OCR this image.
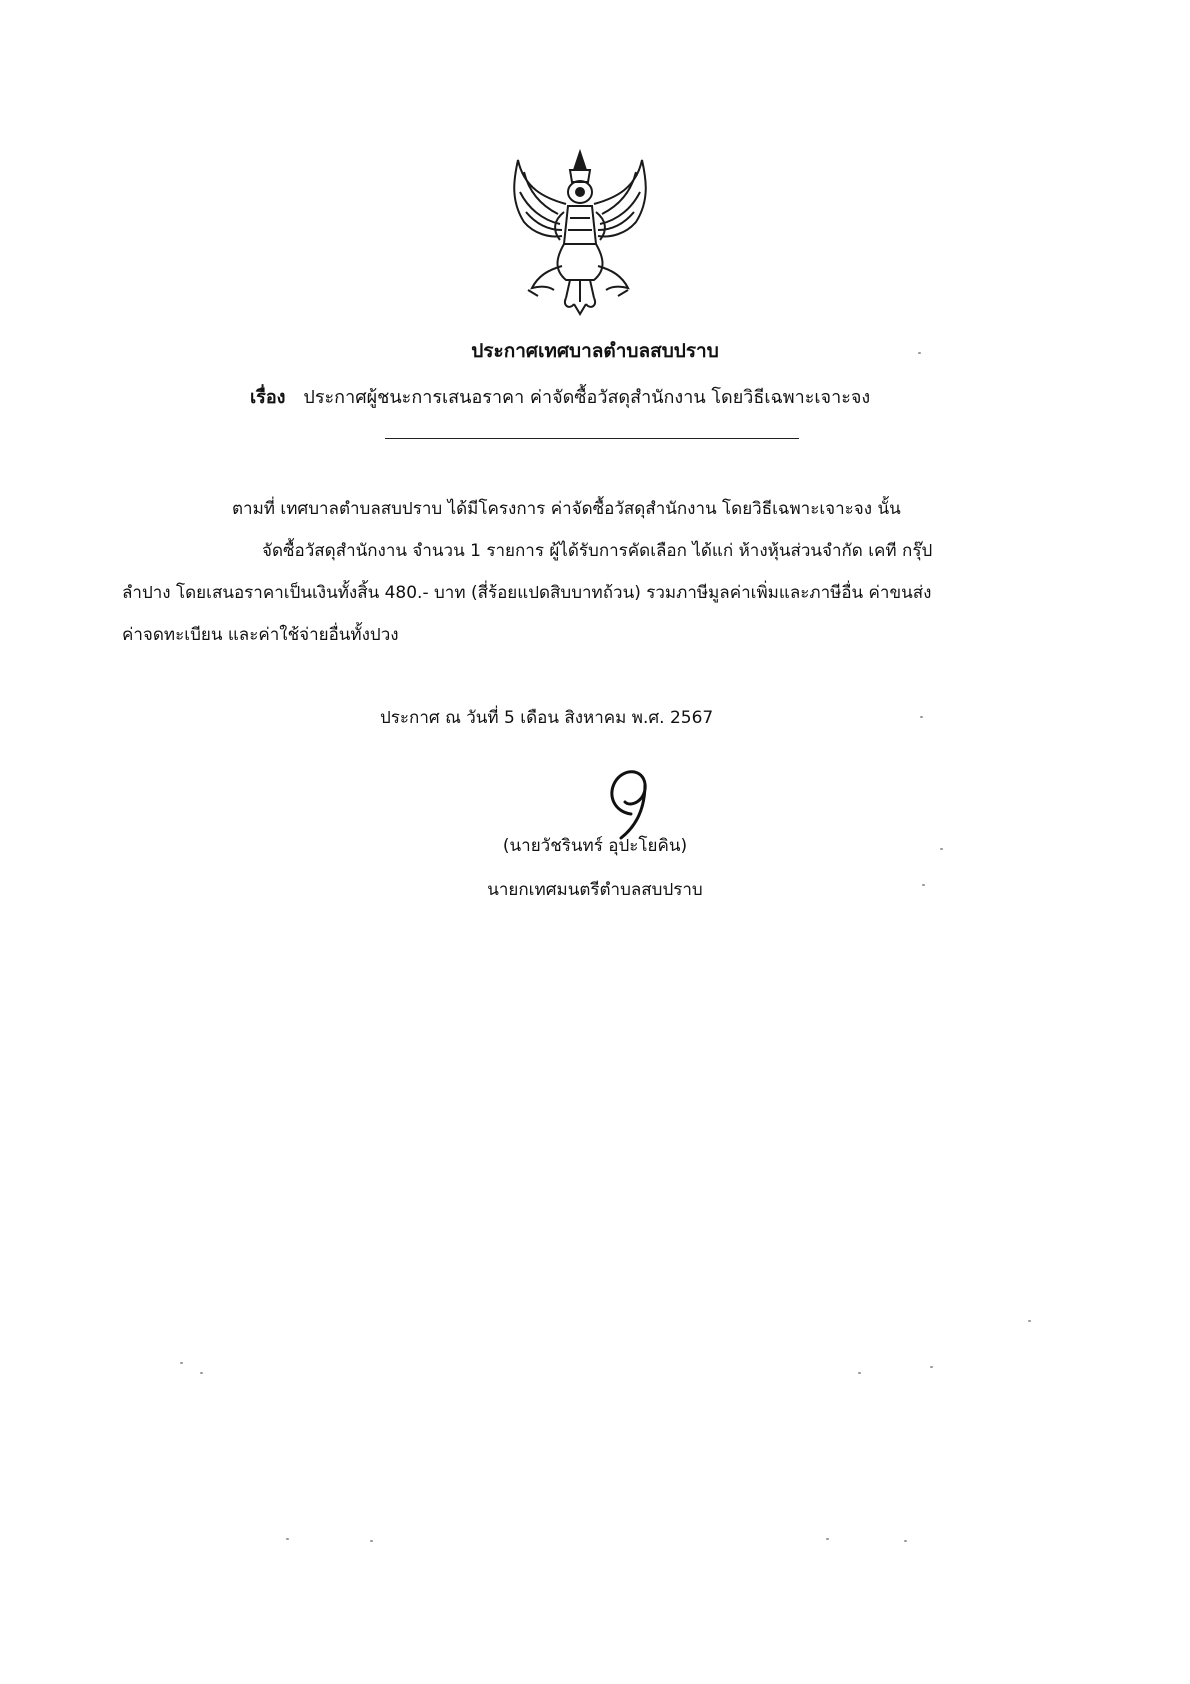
ประกาศเทศบาลตำบลสบปราบ
เรื่อง ประกาศผู้ชนะการเสนอราคา ค่าจัดซื้อวัสดุสำนักงาน โดยวิธีเฉพาะเจาะจง
ตามที่ เทศบาลตำบลสบปราบ ได้มีโครงการ ค่าจัดซื้อวัสดุสำนักงาน โดยวิธีเฉพาะเจาะจง นั้น
จัดซื้อวัสดุสำนักงาน จำนวน 1 รายการ ผู้ได้รับการคัดเลือก ได้แก่ ห้างหุ้นส่วนจำกัด เคที กรุ๊ป
ลำปาง โดยเสนอราคาเป็นเงินทั้งสิ้น 480.- บาท (สี่ร้อยแปดสิบบาทถ้วน) รวมภาษีมูลค่าเพิ่มและภาษีอื่น ค่าขนส่ง
ค่าจดทะเบียน และค่าใช้จ่ายอื่นทั้งปวง
ประกาศ ณ วันที่ 5 เดือน สิงหาคม พ.ศ. 2567
(นายวัชรินทร์ อุปะโยคิน)
นายกเทศมนตรีตำบลสบปราบ
